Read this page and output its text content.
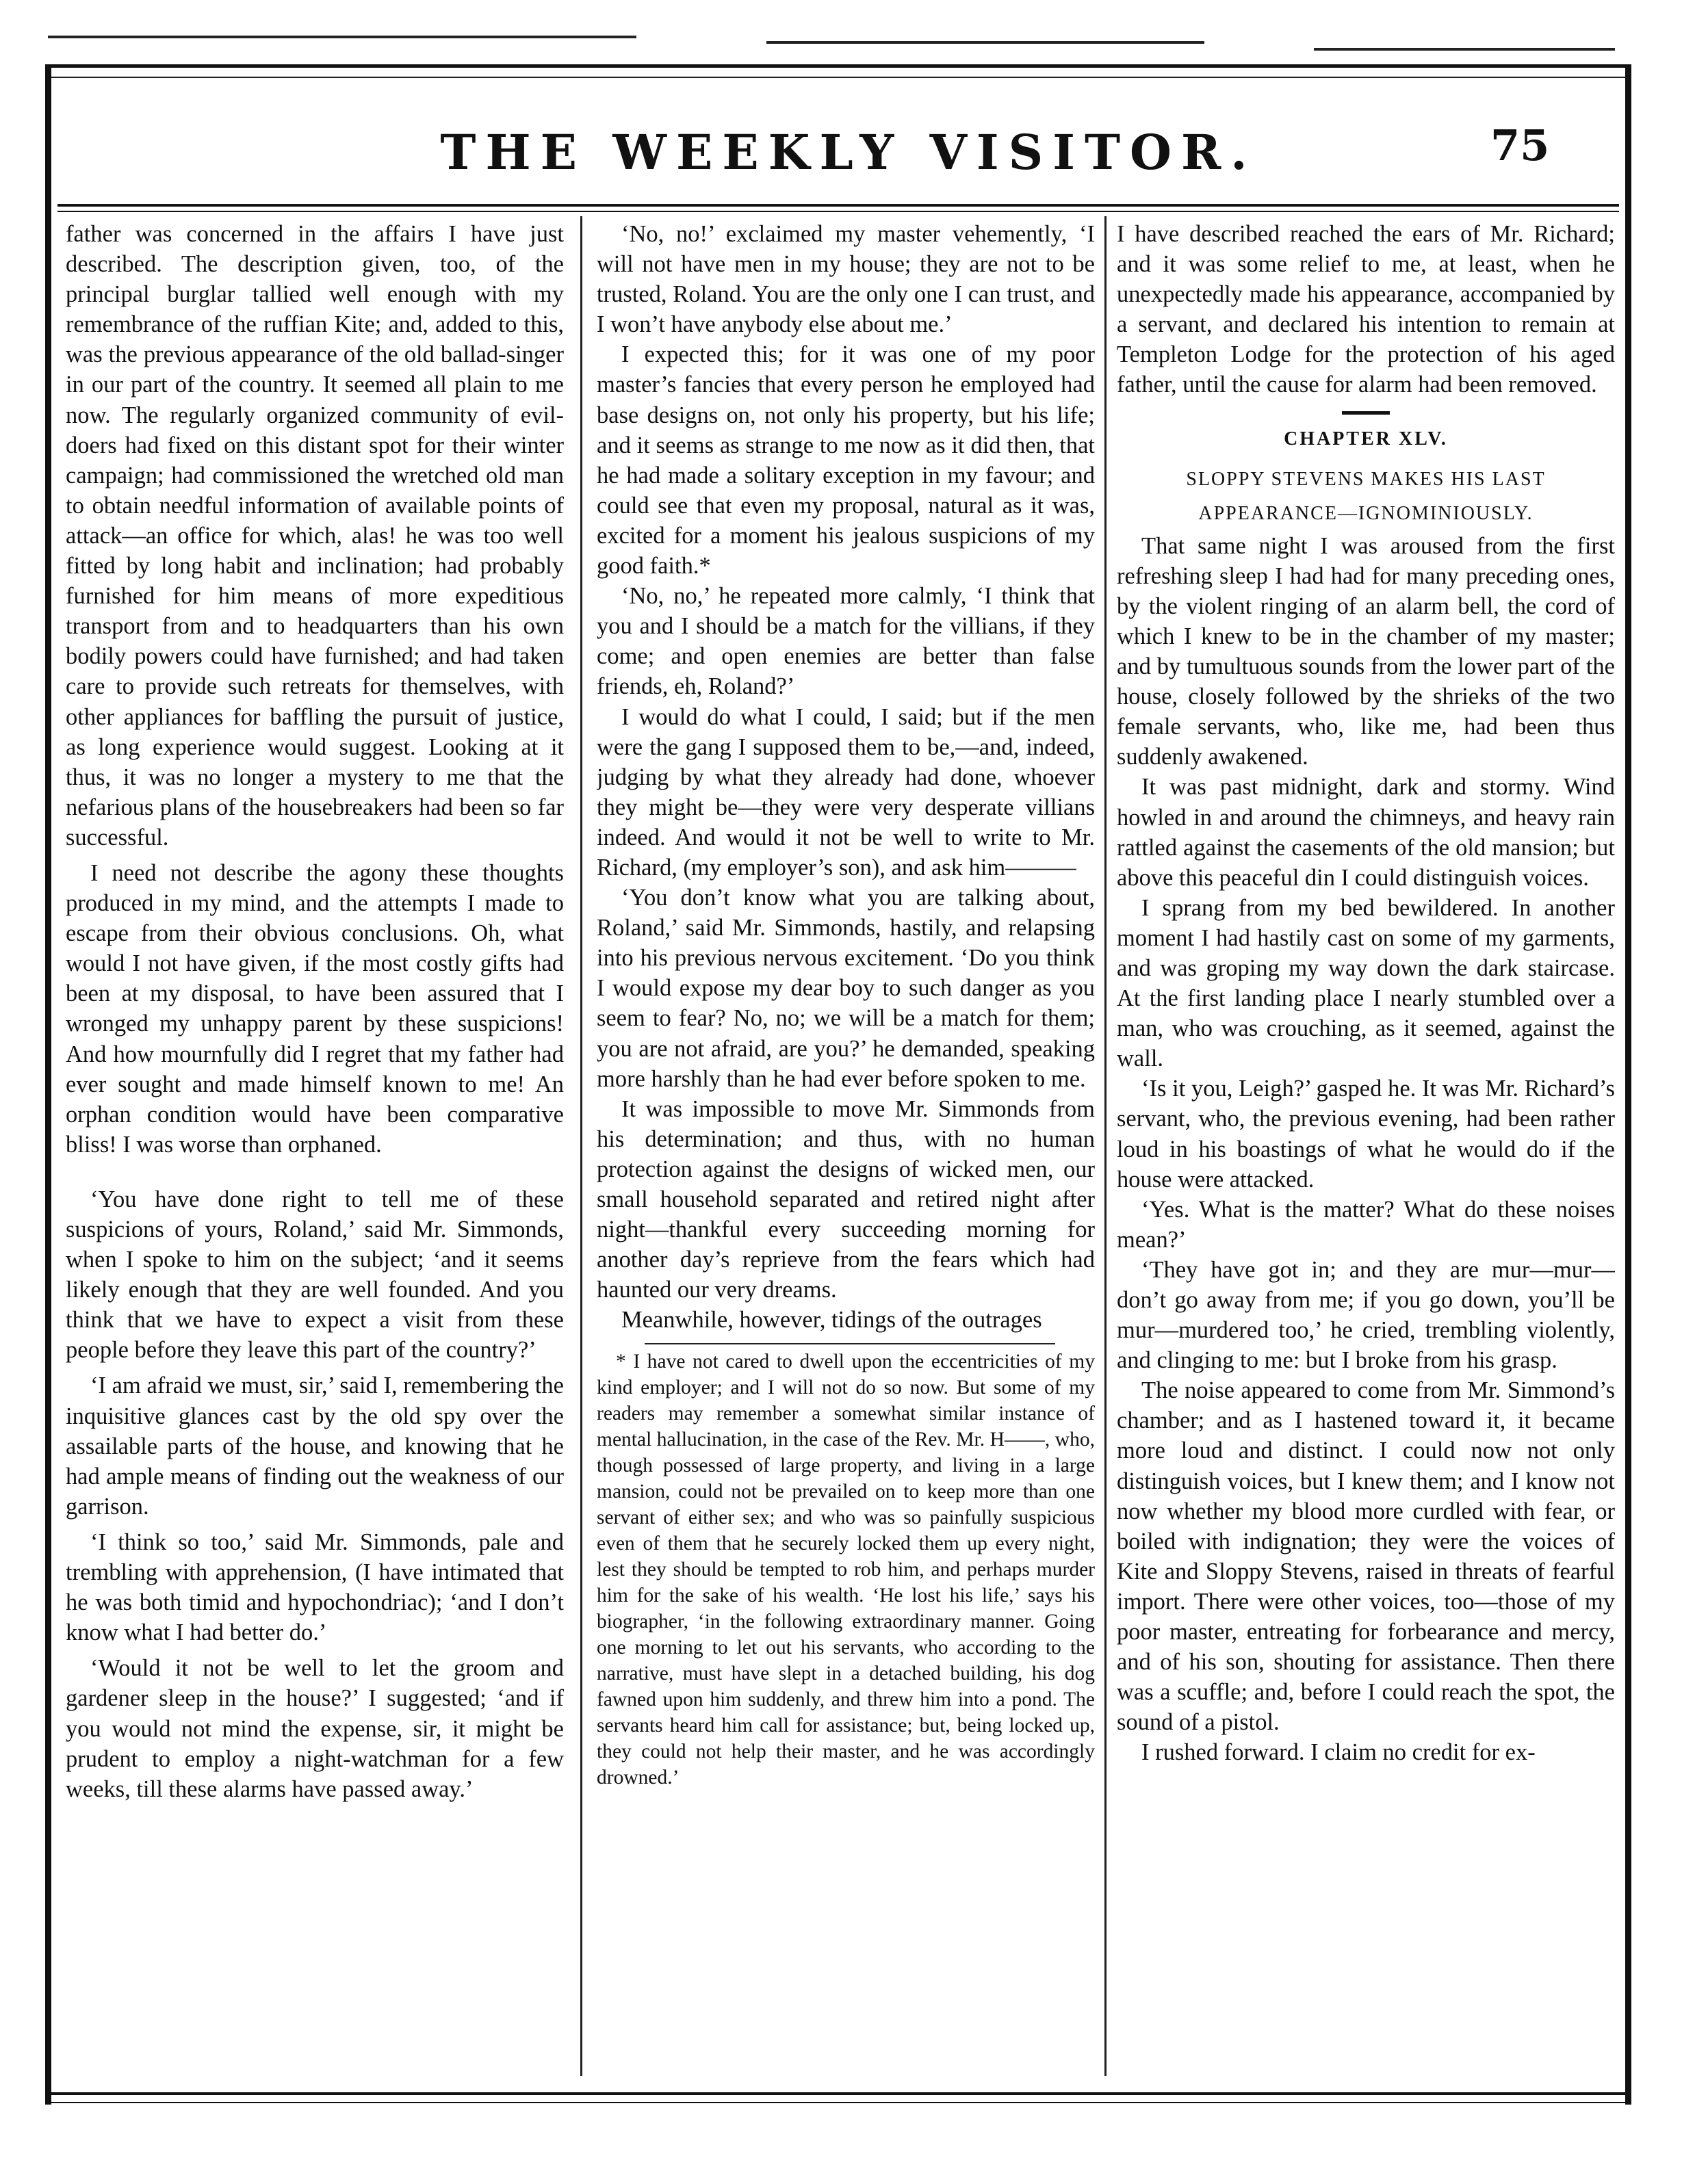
THE WEEKLY VISITOR.	75

father was concerned in the affairs I have just described. The description given, too, of the principal burglar tallied well enough with my remembrance of the ruffian Kite; and, added to this, was the previous appearance of the old ballad-singer in our part of the country. It seemed all plain to me now. The regularly organized community of evil-doers had fixed on this distant spot for their winter campaign; had commissioned the wretched old man to obtain needful information of available points of attack—an office for which, alas! he was too well fitted by long habit and inclination; had probably furnished for him means of more expeditious transport from and to headquarters than his own bodily powers could have furnished; and had taken care to provide such retreats for themselves, with other appliances for baffling the pursuit of justice, as long experience would suggest. Looking at it thus, it was no longer a mystery to me that the nefarious plans of the housebreakers had been so far successful.

I need not describe the agony these thoughts produced in my mind, and the attempts I made to escape from their obvious conclusions. Oh, what would I not have given, if the most costly gifts had been at my disposal, to have been assured that I wronged my unhappy parent by these suspicions! And how mournfully did I regret that my father had ever sought and made himself known to me! An orphan condition would have been comparative bliss! I was worse than orphaned.

‘You have done right to tell me of these suspicions of yours, Roland,’ said Mr. Simmonds, when I spoke to him on the subject; ‘and it seems likely enough that they are well founded. And you think that we have to expect a visit from these people before they leave this part of the country?’

‘I am afraid we must, sir,’ said I, remembering the inquisitive glances cast by the old spy over the assailable parts of the house, and knowing that he had ample means of finding out the weakness of our garrison.

‘I think so too,’ said Mr. Simmonds, pale and trembling with apprehension, (I have intimated that he was both timid and hypochondriac); ‘and I don’t know what I had better do.’

‘Would it not be well to let the groom and gardener sleep in the house?’ I suggested; ‘and if you would not mind the expense, sir, it might be prudent to employ a night-watchman for a few weeks, till these alarms have passed away.’

‘No, no!’ exclaimed my master vehemently, ‘I will not have men in my house; they are not to be trusted, Roland. You are the only one I can trust, and I won’t have anybody else about me.’

I expected this; for it was one of my poor master’s fancies that every person he employed had base designs on, not only his property, but his life; and it seems as strange to me now as it did then, that he had made a solitary exception in my favour; and could see that even my proposal, natural as it was, excited for a moment his jealous suspicions of my good faith.*

‘No, no,’ he repeated more calmly, ‘I think that you and I should be a match for the villians, if they come; and open enemies are better than false friends, eh, Roland?’

I would do what I could, I said; but if the men were the gang I supposed them to be,—and, indeed, judging by what they already had done, whoever they might be—they were very desperate villians indeed. And would it not be well to write to Mr. Richard, (my employer’s son), and ask him———

‘You don’t know what you are talking about, Roland,’ said Mr. Simmonds, hastily, and relapsing into his previous nervous excitement. ‘Do you think I would expose my dear boy to such danger as you seem to fear? No, no; we will be a match for them; you are not afraid, are you?’ he demanded, speaking more harshly than he had ever before spoken to me.

It was impossible to move Mr. Simmonds from his determination; and thus, with no human protection against the designs of wicked men, our small household separated and retired night after night—thankful every succeeding morning for another day’s reprieve from the fears which had haunted our very dreams.

Meanwhile, however, tidings of the outrages

* I have not cared to dwell upon the eccentricities of my kind employer; and I will not do so now. But some of my readers may remember a somewhat similar instance of mental hallucination, in the case of the Rev. Mr. H——, who, though possessed of large property, and living in a large mansion, could not be prevailed on to keep more than one servant of either sex; and who was so painfully suspicious even of them that he securely locked them up every night, lest they should be tempted to rob him, and perhaps murder him for the sake of his wealth. ‘He lost his life,’ says his biographer, ‘in the following extraordinary manner. Going one morning to let out his servants, who according to the narrative, must have slept in a detached building, his dog fawned upon him suddenly, and threw him into a pond. The servants heard him call for assistance; but, being locked up, they could not help their master, and he was accordingly drowned.’

I have described reached the ears of Mr. Richard; and it was some relief to me, at least, when he unexpectedly made his appearance, accompanied by a servant, and declared his intention to remain at Templeton Lodge for the protection of his aged father, until the cause for alarm had been removed.

CHAPTER XLV.

SLOPPY STEVENS MAKES HIS LAST APPEARANCE—IGNOMINIOUSLY.

That same night I was aroused from the first refreshing sleep I had had for many preceding ones, by the violent ringing of an alarm bell, the cord of which I knew to be in the chamber of my master; and by tumultuous sounds from the lower part of the house, closely followed by the shrieks of the two female servants, who, like me, had been thus suddenly awakened.

It was past midnight, dark and stormy. Wind howled in and around the chimneys, and heavy rain rattled against the casements of the old mansion; but above this peaceful din I could distinguish voices.

I sprang from my bed bewildered. In another moment I had hastily cast on some of my garments, and was groping my way down the dark staircase. At the first landing place I nearly stumbled over a man, who was crouching, as it seemed, against the wall.

‘Is it you, Leigh?’ gasped he. It was Mr. Richard’s servant, who, the previous evening, had been rather loud in his boastings of what he would do if the house were attacked.

‘Yes. What is the matter? What do these noises mean?’

‘They have got in; and they are mur—mur—don’t go away from me; if you go down, you’ll be mur—murdered too,’ he cried, trembling violently, and clinging to me: but I broke from his grasp.

The noise appeared to come from Mr. Simmond’s chamber; and as I hastened toward it, it became more loud and distinct. I could now not only distinguish voices, but I knew them; and I know not now whether my blood more curdled with fear, or boiled with indignation; they were the voices of Kite and Sloppy Stevens, raised in threats of fearful import. There were other voices, too—those of my poor master, entreating for forbearance and mercy, and of his son, shouting for assistance. Then there was a scuffle; and, before I could reach the spot, the sound of a pistol.

I rushed forward. I claim no credit for ex-
